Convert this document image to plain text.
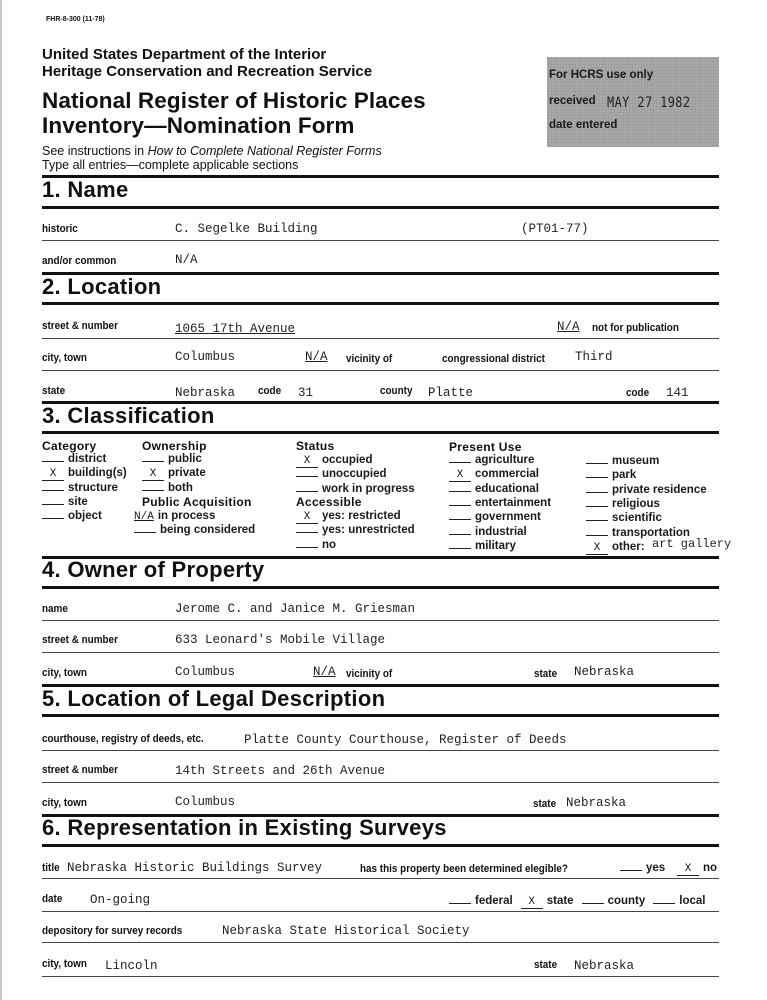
FHR-8-300 (11-78)
United States Department of the Interior
Heritage Conservation and Recreation Service
National Register of Historic Places
Inventory—Nomination Form
See instructions in How to Complete National Register Forms
Type all entries—complete applicable sections
For HCRS use only
received MAY 27 1982
date entered
1. Name
historic	C. Segelke Building	(PT01-77)
and/or common	N/A
2. Location
street & number	1065 17th Avenue	N/A not for publication
city, town	Columbus	N/A vicinity of	congressional district Third
state	Nebraska code 31	county Platte	code 141
3. Classification
Category
district
X building(s)
structure
site
object
Ownership
public
X private
both
Public Acquisition
N/A in process
being considered
Status
X occupied
unoccupied
work in progress
Accessible
X yes: restricted
yes: unrestricted
no
Present Use
agriculture
X commercial
educational
entertainment
government
industrial
military
museum
park
private residence
religious
scientific
transportation
X other: art gallery
4. Owner of Property
name	Jerome C. and Janice M. Griesman
street & number	633 Leonard's Mobile Village
city, town	Columbus	N/A vicinity of	state Nebraska
5. Location of Legal Description
courthouse, registry of deeds, etc.	Platte County Courthouse, Register of Deeds
street & number	14th Streets and 26th Avenue
city, town	Columbus	state Nebraska
6. Representation in Existing Surveys
title Nebraska Historic Buildings Survey	has this property been determined elegible?	yes	X no
date On-going	federal X state	county	local
depository for survey records	Nebraska State Historical Society
city, town Lincoln	state Nebraska
